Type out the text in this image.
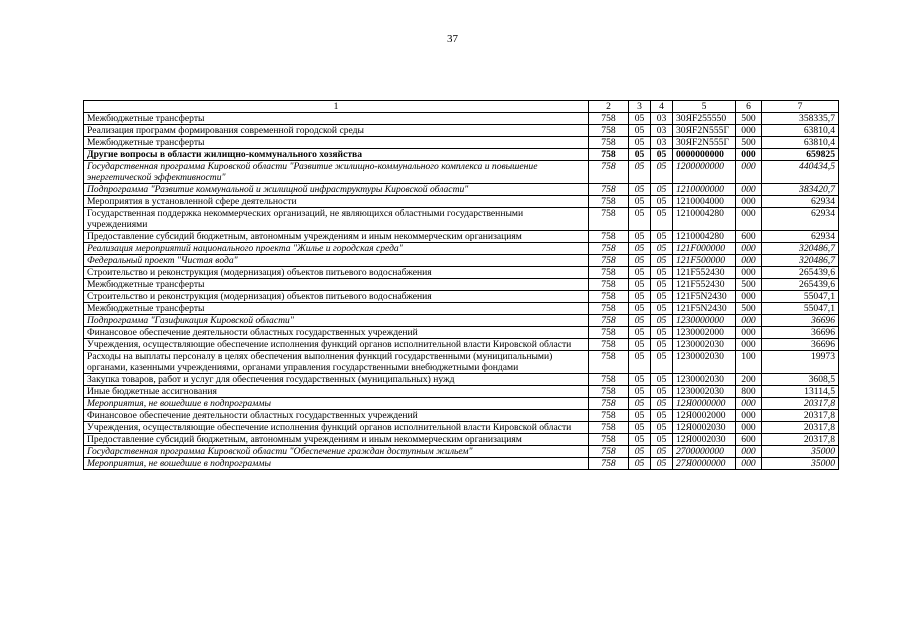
37
1	2	3	4	5	6	7
Межбюджетные трансферты	758	05	03	30ЯF255550	500	358335,7
Реализация программ формирования современной городской среды	758	05	03	30ЯF2N555Г	000	63810,4
Межбюджетные трансферты	758	05	03	30ЯF2N555Г	500	63810,4
Другие вопросы в области жилищно-коммунального хозяйства	758	05	05	0000000000	000	659825
Государственная программа Кировской области "Развитие жилищно-коммунального комплекса и повышение энергетической эффективности"	758	05	05	1200000000	000	440434,5
Подпрограмма "Развитие коммунальной и жилищной инфраструктуры Кировской области"	758	05	05	1210000000	000	383420,7
Мероприятия в установленной сфере деятельности	758	05	05	1210004000	000	62934
Государственная поддержка некоммерческих организаций, не являющихся областными государственными учреждениями	758	05	05	1210004280	000	62934
Предоставление субсидий бюджетным, автономным учреждениям и иным некоммерческим организациям	758	05	05	1210004280	600	62934
Реализация мероприятий национального проекта "Жилье и городская среда"	758	05	05	121F000000	000	320486,7
Федеральный проект "Чистая вода"	758	05	05	121F500000	000	320486,7
Строительство и реконструкция (модернизация) объектов питьевого водоснабжения	758	05	05	121F552430	000	265439,6
Межбюджетные трансферты	758	05	05	121F552430	500	265439,6
Строительство и реконструкция (модернизация) объектов питьевого водоснабжения	758	05	05	121F5N2430	000	55047,1
Межбюджетные трансферты	758	05	05	121F5N2430	500	55047,1
Подпрограмма "Газификация Кировской области"	758	05	05	1230000000	000	36696
Финансовое обеспечение деятельности областных государственных учреждений	758	05	05	1230002000	000	36696
Учреждения, осуществляющие обеспечение исполнения функций органов исполнительной власти Кировской области	758	05	05	1230002030	000	36696
Расходы на выплаты персоналу в целях обеспечения выполнения функций государственными (муниципальными) органами, казенными учреждениями, органами управления государственными внебюджетными фондами	758	05	05	1230002030	100	19973
Закупка товаров, работ и услуг для обеспечения государственных (муниципальных) нужд	758	05	05	1230002030	200	3608,5
Иные бюджетные ассигнования	758	05	05	1230002030	800	13114,5
Мероприятия, не вошедшие в подпрограммы	758	05	05	12Я0000000	000	20317,8
Финансовое обеспечение деятельности областных государственных учреждений	758	05	05	12Я0002000	000	20317,8
Учреждения, осуществляющие обеспечение исполнения функций органов исполнительной власти Кировской области	758	05	05	12Я0002030	000	20317,8
Предоставление субсидий бюджетным, автономным учреждениям и иным некоммерческим организациям	758	05	05	12Я0002030	600	20317,8
Государственная программа Кировской области "Обеспечение граждан доступным жильем"	758	05	05	2700000000	000	35000
Мероприятия, не вошедшие в подпрограммы	758	05	05	27Я0000000	000	35000
